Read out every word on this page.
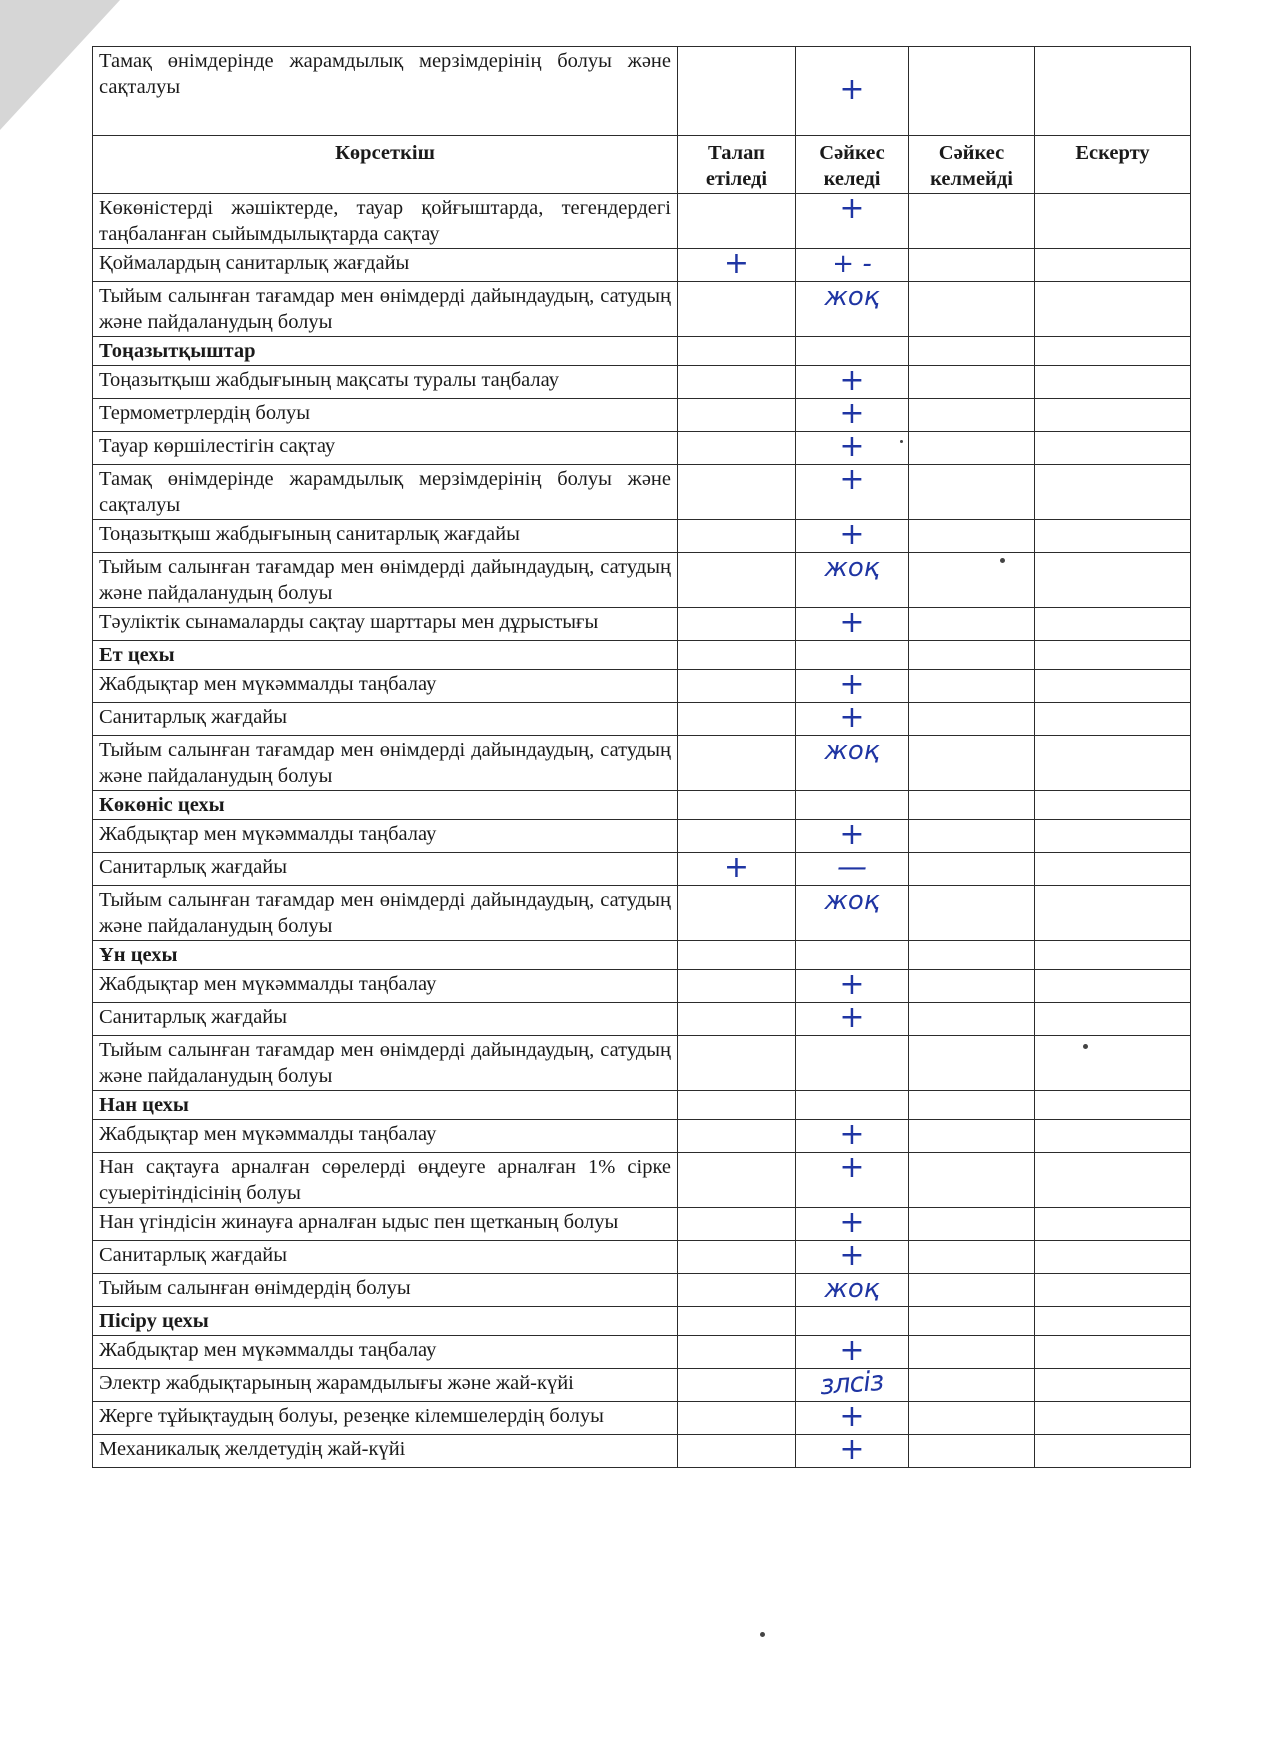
Тамақ өнімдерінде жарамдылық мерзімдерінің болуы және сақталуы		+		
Көрсеткіш	Талап етіледі	Сәйкес келеді	Сәйкес келмейді	Ескерту
Көкөністерді жәшіктерде, тауар қойғыштарда, тегендердегі таңбаланған сыйымдылықтарда сақтау		+		
Қоймалардың санитарлық жағдайы	+	+ -		
Тыйым салынған тағамдар мен өнімдерді дайындаудың, сатудың және пайдаланудың болуы		жоқ		
Тоңазытқыштар				
Тоңазытқыш жабдығының мақсаты туралы таңбалау		+		
Термометрлердің болуы		+		
Тауар көршілестігін сақтау		+		
Тамақ өнімдерінде жарамдылық мерзімдерінің болуы және сақталуы		+		
Тоңазытқыш жабдығының санитарлық жағдайы		+		
Тыйым салынған тағамдар мен өнімдерді дайындаудың, сатудың және пайдаланудың болуы		жоқ		
Тәуліктік сынамаларды сақтау шарттары мен дұрыстығы		+		
Ет цехы				
Жабдықтар мен мүкәммалды таңбалау		+		
Санитарлық жағдайы		+		
Тыйым салынған тағамдар мен өнімдерді дайындаудың, сатудың және пайдаланудың болуы		жоқ		
Көкөніс цехы				
Жабдықтар мен мүкәммалды таңбалау		+		
Санитарлық жағдайы	+	—		
Тыйым салынған тағамдар мен өнімдерді дайындаудың, сатудың және пайдаланудың болуы		жоқ		
Ұн цехы				
Жабдықтар мен мүкәммалды таңбалау		+		
Санитарлық жағдайы		+		
Тыйым салынған тағамдар мен өнімдерді дайындаудың, сатудың және пайдаланудың болуы				
Нан цехы				
Жабдықтар мен мүкәммалды таңбалау		+		
Нан сақтауға арналған сөрелерді өңдеуге арналған 1% сірке суыерітіндісінің болуы		+		
Нан үгіндісін жинауға арналған ыдыс пен щетканың болуы		+		
Санитарлық жағдайы		+		
Тыйым салынған өнімдердің болуы		жоқ		
Пісіру цехы				
Жабдықтар мен мүкәммалды таңбалау		+		
Электр жабдықтарының жарамдылығы және жай-күйі		злсіз		
Жерге тұйықтаудың болуы, резеңке кілемшелердің болуы		+		
Механикалық желдетудің жай-күйі		+		
